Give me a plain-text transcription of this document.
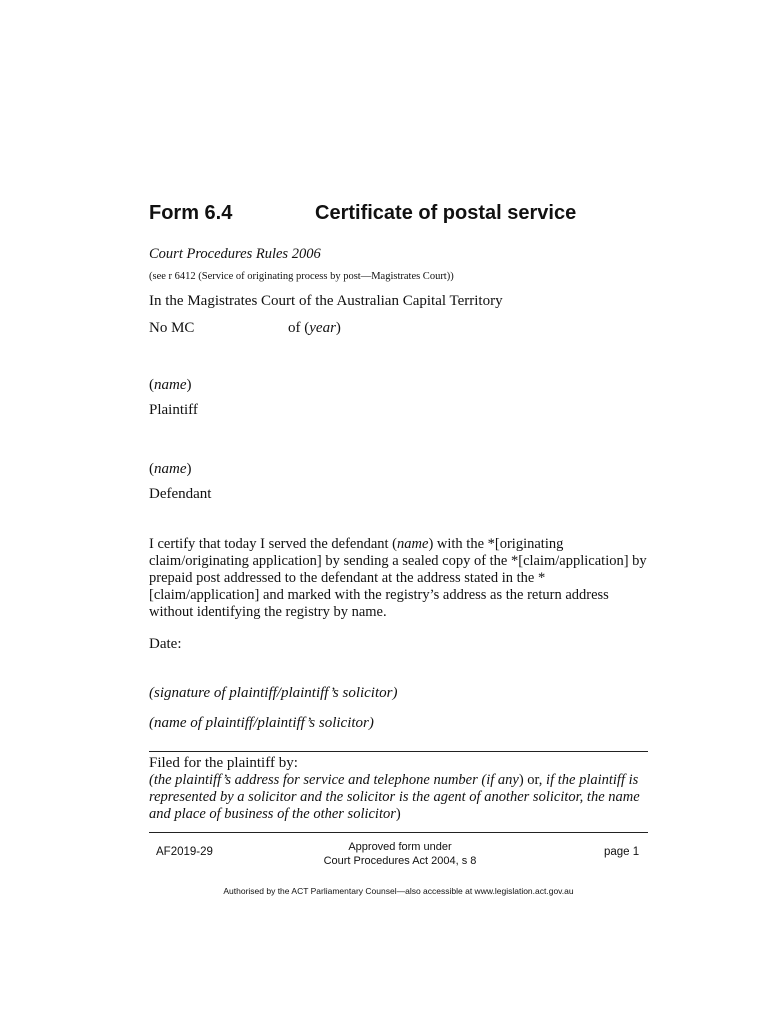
Form 6.4	Certificate of postal service
Court Procedures Rules 2006
(see r 6412 (Service of originating process by post—Magistrates Court))
In the Magistrates Court of the Australian Capital Territory
No MC	of (year)
(name)
Plaintiff
(name)
Defendant
I certify that today I served the defendant (name) with the *[originating claim/originating application] by sending a sealed copy of the *[claim/application] by prepaid post addressed to the defendant at the address stated in the *[claim/application] and marked with the registry’s address as the return address without identifying the registry by name.
Date:
(signature of plaintiff/plaintiff’s solicitor)
(name of plaintiff/plaintiff’s solicitor)
Filed for the plaintiff by:
(the plaintiff’s address for service and telephone number (if any) or, if the plaintiff is represented by a solicitor and the solicitor is the agent of another solicitor, the name and place of business of the other solicitor)
AF2019-29	Approved form under
Court Procedures Act 2004, s 8
page 1
Authorised by the ACT Parliamentary Counsel—also accessible at www.legislation.act.gov.au
